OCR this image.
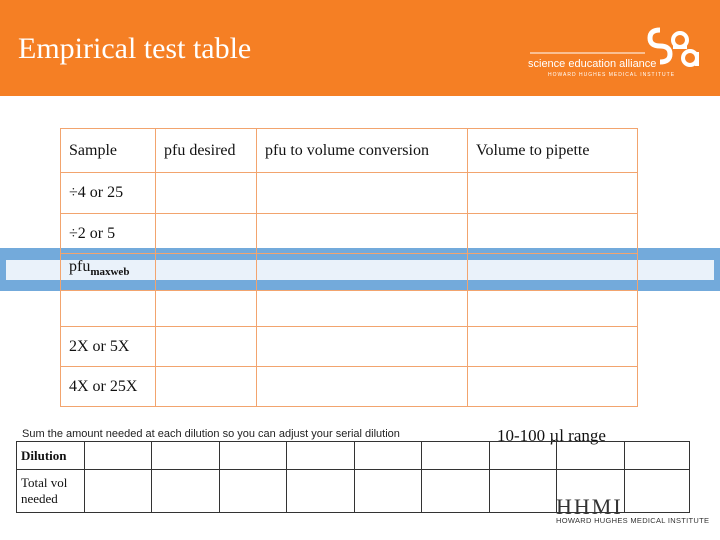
Empirical test table	science education alliance
HOWARD HUGHES MEDICAL INSTITUTE
Sample	pfu desired	pfu to volume conversion	Volume to pipette
÷4 or 25			
÷2 or 5			
pfu$_{maxweb}$			

2X or 5X			
4X or 25X			
Sum the amount needed at each dilution so you can adjust your serial dilution	10-100 µl range
Dilution									
Total vol needed										HHMI
HOWARD HUGHES MEDICAL INSTITUTE
